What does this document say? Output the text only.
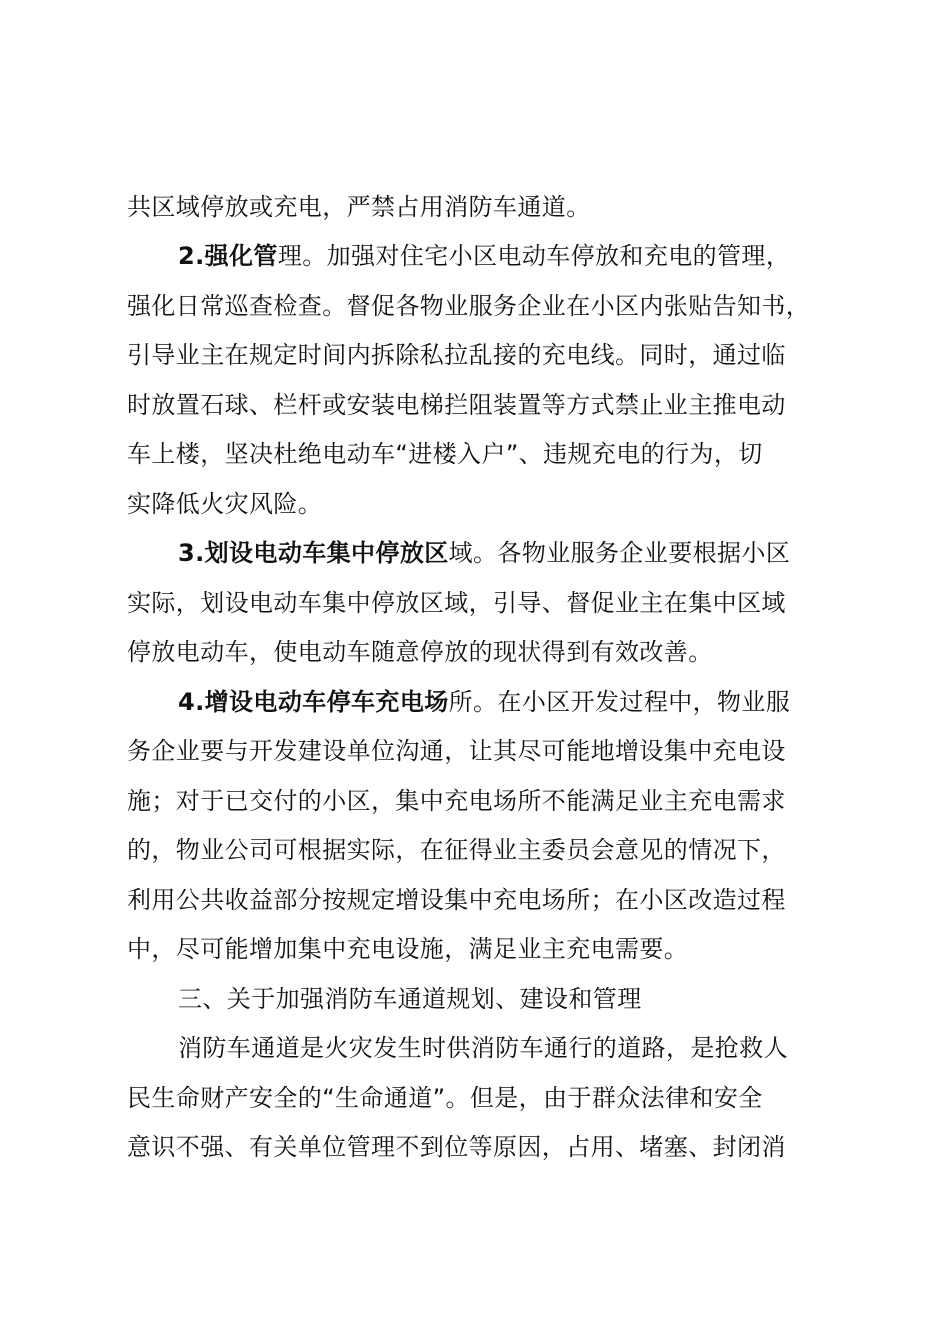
共区域停放或充电，严禁占用消防车通道。
2.强化管理。加强对住宅小区电动车停放和充电的管理，
强化日常巡查检查。督促各物业服务企业在小区内张贴告知书，
引导业主在规定时间内拆除私拉乱接的充电线。同时，通过临
时放置石球、栏杆或安装电梯拦阻装置等方式禁止业主推电动
车上楼，坚决杜绝电动车“进楼入户”、违规充电的行为，切
实降低火灾风险。
3.划设电动车集中停放区域。各物业服务企业要根据小区
实际，划设电动车集中停放区域，引导、督促业主在集中区域
停放电动车，使电动车随意停放的现状得到有效改善。
4.增设电动车停车充电场所。在小区开发过程中，物业服
务企业要与开发建设单位沟通，让其尽可能地增设集中充电设
施；对于已交付的小区，集中充电场所不能满足业主充电需求
的，物业公司可根据实际，在征得业主委员会意见的情况下，
利用公共收益部分按规定增设集中充电场所；在小区改造过程
中，尽可能增加集中充电设施，满足业主充电需要。
三、关于加强消防车通道规划、建设和管理
消防车通道是火灾发生时供消防车通行的道路，是抢救人
民生命财产安全的“生命通道”。但是，由于群众法律和安全
意识不强、有关单位管理不到位等原因，占用、堵塞、封闭消
